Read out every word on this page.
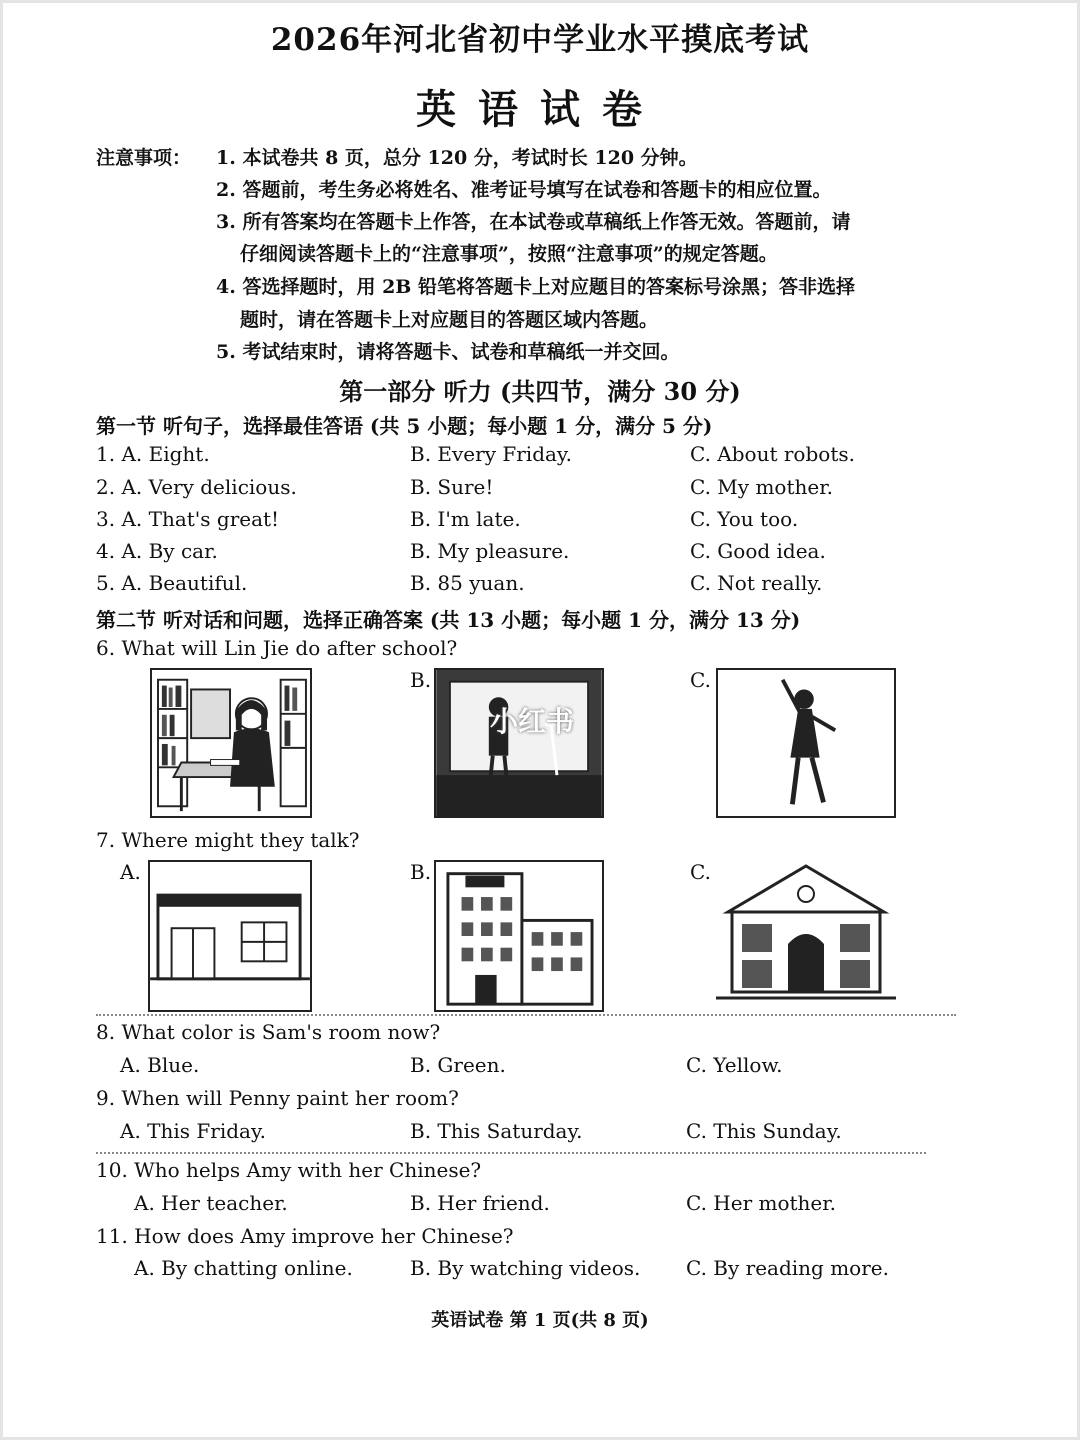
2026年河北省初中学业水平摸底考试
英语试卷
注意事项： 1. 本试卷共 8 页，总分 120 分，考试时长 120 分钟。
2. 答题前，考生务必将姓名、准考证号填写在试卷和答题卡的相应位置。
3. 所有答案均在答题卡上作答，在本试卷或草稿纸上作答无效。答题前，请
仔细阅读答题卡上的“注意事项”，按照“注意事项”的规定答题。
4. 答选择题时，用 2B 铅笔将答题卡上对应题目的答案标号涂黑；答非选择
题时，请在答题卡上对应题目的答题区域内答题。
5. 考试结束时，请将答题卡、试卷和草稿纸一并交回。
第一部分 听力 (共四节，满分 30 分)
第一节 听句子，选择最佳答语 (共 5 小题；每小题 1 分，满分 5 分)
1. A. Eight.	B. Every Friday.	C. About robots.
2. A. Very delicious.	B. Sure!	C. My mother.
3. A. That's great!	B. I'm late.	C. You too.
4. A. By car.	B. My pleasure.	C. Good idea.
5. A. Beautiful.	B. 85 yuan.	C. Not really.
第二节 听对话和问题，选择正确答案 (共 13 小题；每小题 1 分，满分 13 分)
6. What will Lin Jie do after school?
B.	C.
小红书
7. Where might they talk?
A.	B.	C.
8. What color is Sam's room now?
A. Blue.	B. Green.	C. Yellow.
9. When will Penny paint her room?
A. This Friday.	B. This Saturday.	C. This Sunday.
10. Who helps Amy with her Chinese?
A. Her teacher.	B. Her friend.	C. Her mother.
11. How does Amy improve her Chinese?
A. By chatting online.	B. By watching videos. C. By reading more.
英语试卷 第 1 页(共 8 页)
